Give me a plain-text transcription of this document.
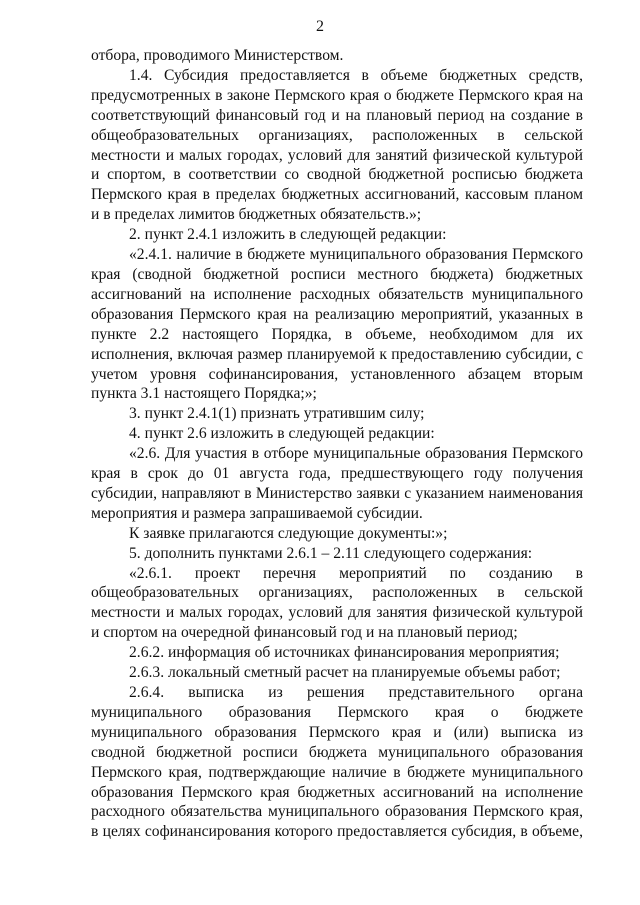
2

отбора, проводимого Министерством.

1.4. Субсидия предоставляется в объеме бюджетных средств, предусмотренных в законе Пермского края о бюджете Пермского края на соответствующий финансовый год и на плановый период на создание в общеобразовательных организациях, расположенных в сельской местности и малых городах, условий для занятий физической культурой и спортом, в соответствии со сводной бюджетной росписью бюджета Пермского края в пределах бюджетных ассигнований, кассовым планом и в пределах лимитов бюджетных обязательств.»;

2. пункт 2.4.1 изложить в следующей редакции:

«2.4.1. наличие в бюджете муниципального образования Пермского края (сводной бюджетной росписи местного бюджета) бюджетных ассигнований на исполнение расходных обязательств муниципального образования Пермского края на реализацию мероприятий, указанных в пункте 2.2 настоящего Порядка, в объеме, необходимом для их исполнения, включая размер планируемой к предоставлению субсидии, с учетом уровня софинансирования, установленного абзацем вторым пункта 3.1 настоящего Порядка;»;

3. пункт 2.4.1(1) признать утратившим силу;

4. пункт 2.6 изложить в следующей редакции:

«2.6. Для участия в отборе муниципальные образования Пермского края в срок до 01 августа года, предшествующего году получения субсидии, направляют в Министерство заявки с указанием наименования мероприятия и размера запрашиваемой субсидии.

К заявке прилагаются следующие документы:»;

5. дополнить пунктами 2.6.1 – 2.11 следующего содержания:

«2.6.1. проект перечня мероприятий по созданию в общеобразовательных организациях, расположенных в сельской местности и малых городах, условий для занятия физической культурой и спортом на очередной финансовый год и на плановый период;

2.6.2. информация об источниках финансирования мероприятия;

2.6.3. локальный сметный расчет на планируемые объемы работ;

2.6.4. выписка из решения представительного органа муниципального образования Пермского края о бюджете муниципального образования Пермского края и (или) выписка из сводной бюджетной росписи бюджета муниципального образования Пермского края, подтверждающие наличие в бюджете муниципального образования Пермского края бюджетных ассигнований на исполнение расходного обязательства муниципального образования Пермского края, в целях софинансирования которого предоставляется субсидия, в объеме,
